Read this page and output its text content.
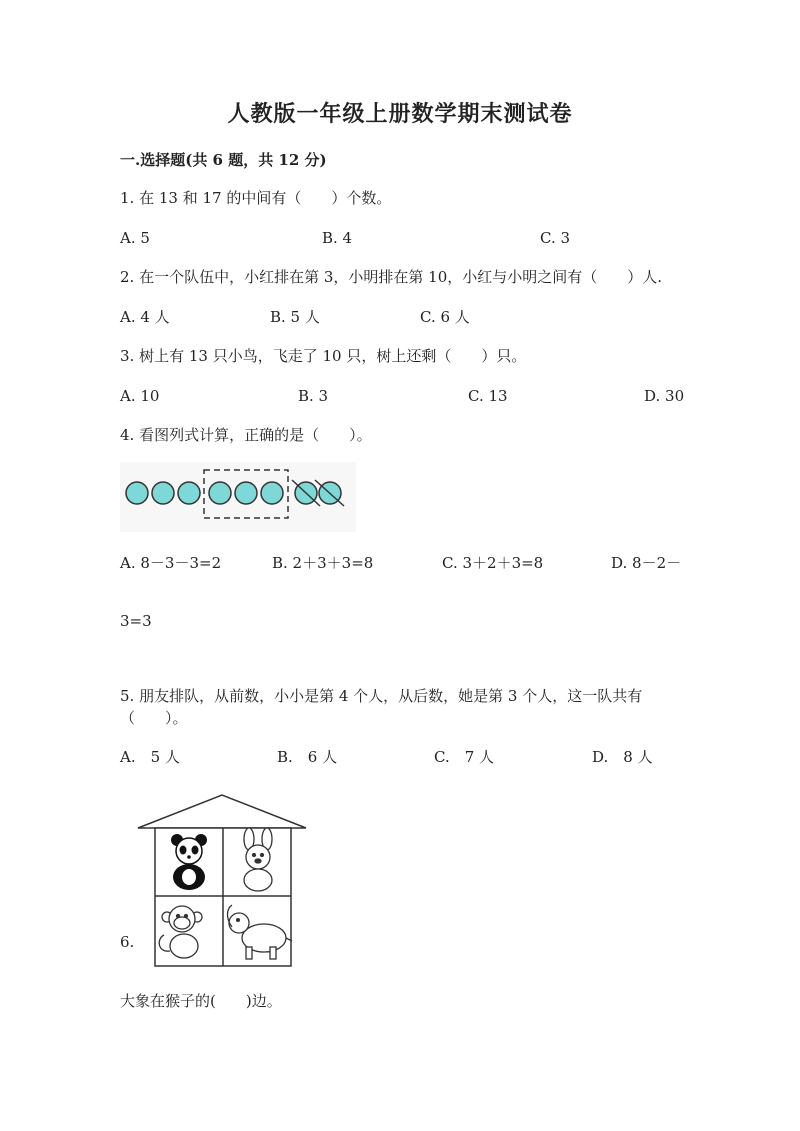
人教版一年级上册数学期末测试卷
一.选择题(共 6 题，共 12 分)
1. 在 13 和 17 的中间有（　　）个数。
A. 5	B. 4	C. 3
2. 在一个队伍中，小红排在第 3，小明排在第 10，小红与小明之间有（　　）人.
A. 4 人	B. 5 人	C. 6 人
3. 树上有 13 只小鸟，飞走了 10 只，树上还剩（　　）只。
A. 10	B. 3	C. 13	D. 30
4. 看图列式计算，正确的是（　　）。
A. 8－3－3=2	B. 2＋3＋3=8	C. 3＋2＋3=8	D. 8－2－
3=3
5. 朋友排队，从前数，小小是第 4 个人，从后数，她是第 3 个人，这一队共有
（　　）。
A.　5 人	B.　6 人	C.　7 人	D.　8 人
6.
大象在猴子的(　　)边。
